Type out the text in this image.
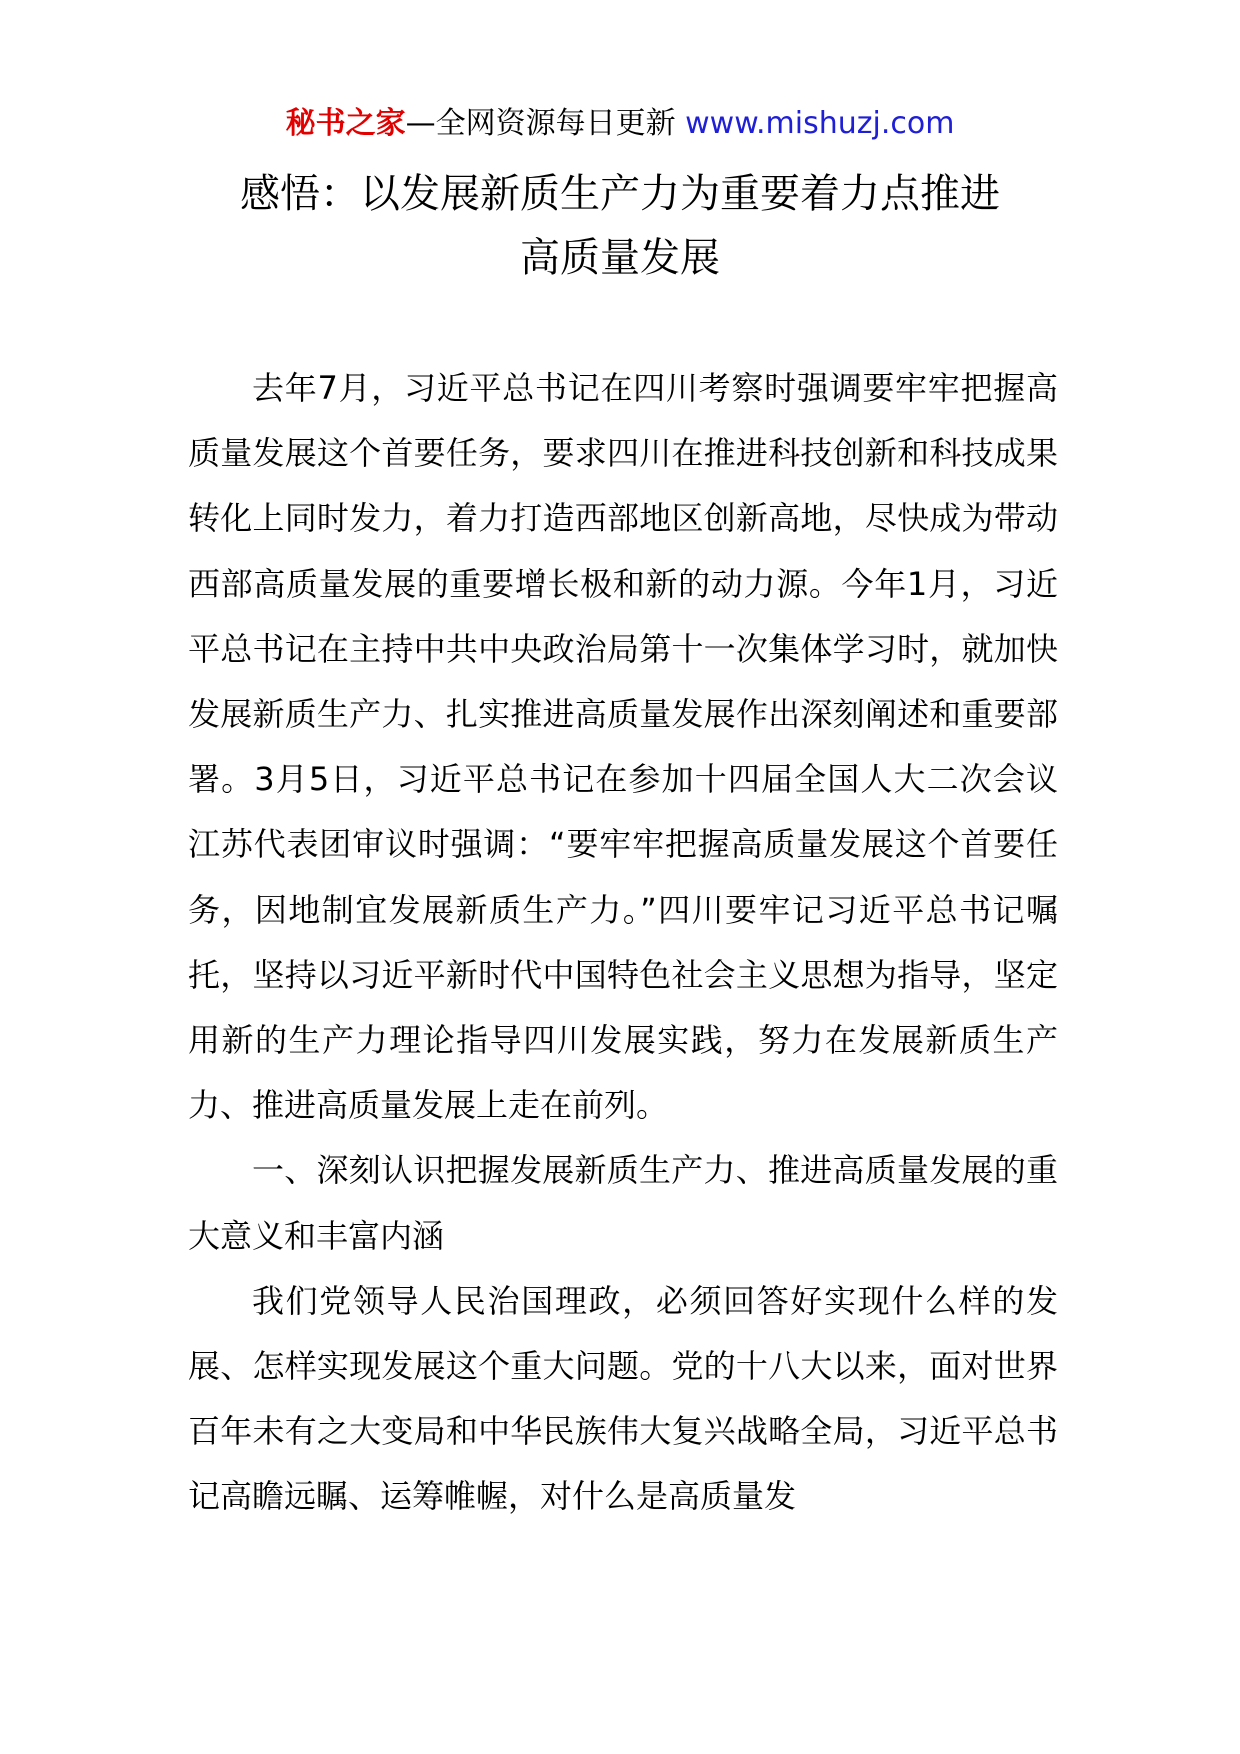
秘书之家—全网资源每日更新 www.mishuzj.com
感悟：以发展新质生产力为重要着力点推进
高质量发展

去年7月，习近平总书记在四川考察时强调要牢牢把握高质量发展这个首要任务，要求四川在推进科技创新和科技成果转化上同时发力，着力打造西部地区创新高地，尽快成为带动西部高质量发展的重要增长极和新的动力源。今年1月，习近平总书记在主持中共中央政治局第十一次集体学习时，就加快发展新质生产力、扎实推进高质量发展作出深刻阐述和重要部署。3月5日，习近平总书记在参加十四届全国人大二次会议江苏代表团审议时强调：“要牢牢把握高质量发展这个首要任务，因地制宜发展新质生产力。”四川要牢记习近平总书记嘱托，坚持以习近平新时代中国特色社会主义思想为指导，坚定用新的生产力理论指导四川发展实践，努力在发展新质生产力、推进高质量发展上走在前列。

一、深刻认识把握发展新质生产力、推进高质量发展的重大意义和丰富内涵

我们党领导人民治国理政，必须回答好实现什么样的发展、怎样实现发展这个重大问题。党的十八大以来，面对世界百年未有之大变局和中华民族伟大复兴战略全局，习近平总书记高瞻远瞩、运筹帷幄，对什么是高质量发
